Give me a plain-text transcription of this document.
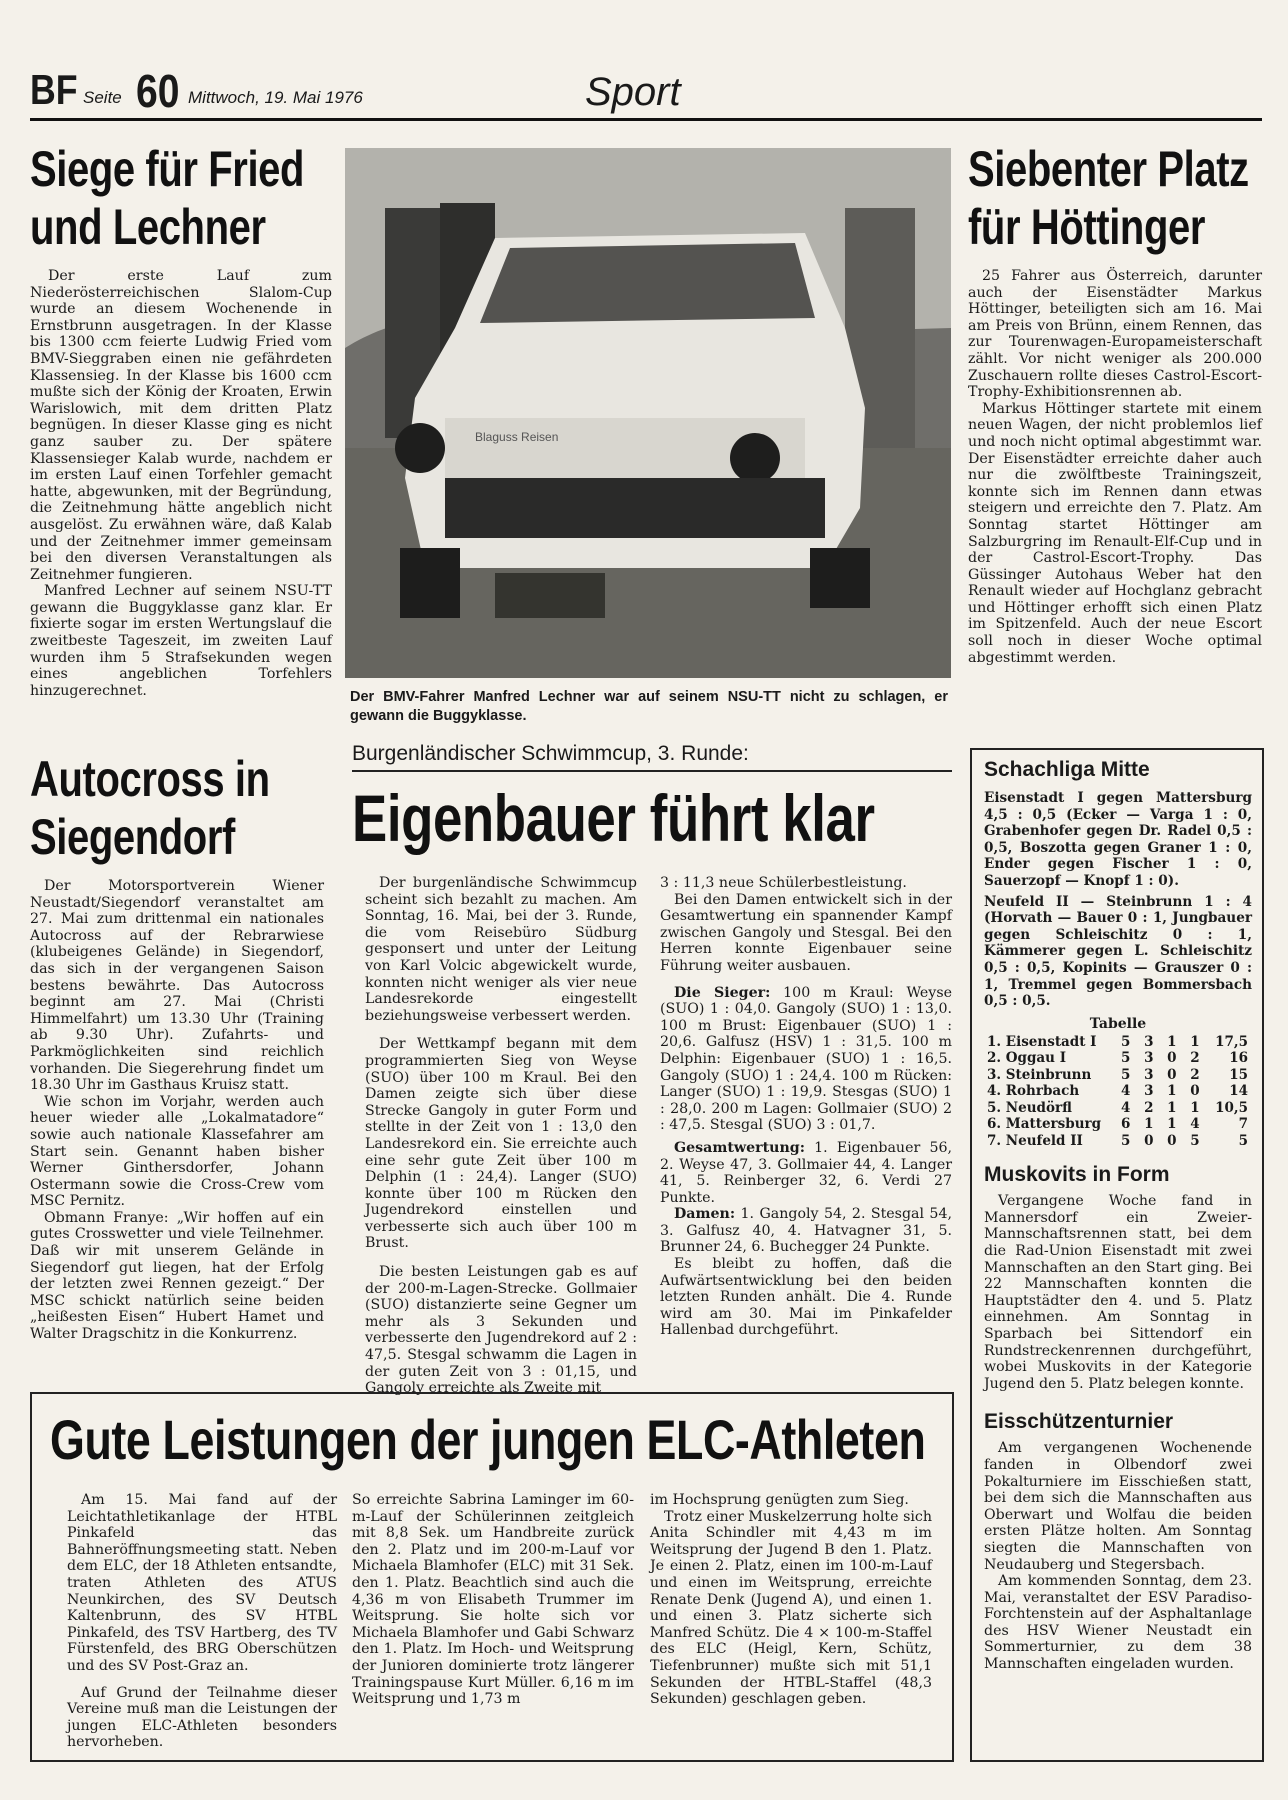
BF Seite 60 Mittwoch, 19. Mai 1976	Sport
Siege für Fried und Lechner

Der erste Lauf zum Niederösterreichischen Slalom-Cup wurde an diesem Wochenende in Ernstbrunn ausgetragen. In der Klasse bis 1300 ccm feierte Ludwig Fried vom BMV-Sieggraben einen nie gefährdeten Klassensieg. In der Klasse bis 1600 ccm mußte sich der König der Kroaten, Erwin Warislowich, mit dem dritten Platz begnügen. In dieser Klasse ging es nicht ganz sauber zu. Der spätere Klassensieger Kalab wurde, nachdem er im ersten Lauf einen Torfehler gemacht hatte, abgewunken, mit der Begründung, die Zeitnehmung hätte angeblich nicht ausgelöst. Zu erwähnen wäre, daß Kalab und der Zeitnehmer immer gemeinsam bei den diversen Veranstaltungen als Zeitnehmer fungieren.

Manfred Lechner auf seinem NSU-TT gewann die Buggyklasse ganz klar. Er fixierte sogar im ersten Wertungslauf die zweitbeste Tageszeit, im zweiten Lauf wurden ihm 5 Strafsekunden wegen eines angeblichen Torfehlers hinzugerechnet.

Blaguss Reisen
Der BMV-Fahrer Manfred Lechner war auf seinem NSU-TT nicht zu schlagen, er gewann die Buggyklasse.
Siebenter Platz für Höttinger

25 Fahrer aus Österreich, darunter auch der Eisenstädter Markus Höttinger, beteiligten sich am 16. Mai am Preis von Brünn, einem Rennen, das zur Tourenwagen-Europameisterschaft zählt. Vor nicht weniger als 200.000 Zuschauern rollte dieses Castrol-Escort-Trophy-Exhibitionsrennen ab.

Markus Höttinger startete mit einem neuen Wagen, der nicht problemlos lief und noch nicht optimal abgestimmt war. Der Eisenstädter erreichte daher auch nur die zwölftbeste Trainingszeit, konnte sich im Rennen dann etwas steigern und erreichte den 7. Platz. Am Sonntag startet Höttinger am Salzburgring im Renault-Elf-Cup und in der Castrol-Escort-Trophy. Das Güssinger Autohaus Weber hat den Renault wieder auf Hochglanz gebracht und Höttinger erhofft sich einen Platz im Spitzenfeld. Auch der neue Escort soll noch in dieser Woche optimal abgestimmt werden.

Autocross in Siegendorf

Der Motorsportverein Wiener Neustadt/Siegendorf veranstaltet am 27. Mai zum drittenmal ein nationales Autocross auf der Rebrarwiese (klubeigenes Gelände) in Siegendorf, das sich in der vergangenen Saison bestens bewährte. Das Autocross beginnt am 27. Mai (Christi Himmelfahrt) um 13.30 Uhr (Training ab 9.30 Uhr). Zufahrts- und Parkmöglichkeiten sind reichlich vorhanden. Die Siegerehrung findet um 18.30 Uhr im Gasthaus Kruisz statt.

Wie schon im Vorjahr, werden auch heuer wieder alle „Lokalmatadore“ sowie auch nationale Klassefahrer am Start sein. Genannt haben bisher Werner Ginthersdorfer, Johann Ostermann sowie die Cross-Crew vom MSC Pernitz.

Obmann Franye: „Wir hoffen auf ein gutes Crosswetter und viele Teilnehmer. Daß wir mit unserem Gelände in Siegendorf gut liegen, hat der Erfolg der letzten zwei Rennen gezeigt.“ Der MSC schickt natürlich seine beiden „heißesten Eisen“ Hubert Hamet und Walter Dragschitz in die Konkurrenz.

Burgenländischer Schwimmcup, 3. Runde:
Eigenbauer führt klar

Der burgenländische Schwimmcup scheint sich bezahlt zu machen. Am Sonntag, 16. Mai, bei der 3. Runde, die vom Reisebüro Südburg gesponsert und unter der Leitung von Karl Volcic abgewickelt wurde, konnten nicht weniger als vier neue Landesrekorde eingestellt beziehungsweise verbessert werden.

Der Wettkampf begann mit dem programmierten Sieg von Weyse (SUO) über 100 m Kraul. Bei den Damen zeigte sich über diese Strecke Gangoly in guter Form und stellte in der Zeit von 1 : 13,0 den Landesrekord ein. Sie erreichte auch eine sehr gute Zeit über 100 m Delphin (1 : 24,4). Langer (SUO) konnte über 100 m Rücken den Jugendrekord einstellen und verbesserte sich auch über 100 m Brust.

Die besten Leistungen gab es auf der 200-m-Lagen-Strecke. Gollmaier (SUO) distanzierte seine Gegner um mehr als 3 Sekunden und verbesserte den Jugendrekord auf 2 : 47,5. Stesgal schwamm die Lagen in der guten Zeit von 3 : 01,15, und Gangoly erreichte als Zweite mit

3 : 11,3 neue Schülerbestleistung.

Bei den Damen entwickelt sich in der Gesamtwertung ein spannender Kampf zwischen Gangoly und Stesgal. Bei den Herren konnte Eigenbauer seine Führung weiter ausbauen.

Die Sieger: 100 m Kraul: Weyse (SUO) 1 : 04,0. Gangoly (SUO) 1 : 13,0. 100 m Brust: Eigenbauer (SUO) 1 : 20,6. Galfusz (HSV) 1 : 31,5. 100 m Delphin: Eigenbauer (SUO) 1 : 16,5. Gangoly (SUO) 1 : 24,4. 100 m Rücken: Langer (SUO) 1 : 19,9. Stesgas (SUO) 1 : 28,0. 200 m Lagen: Gollmaier (SUO) 2 : 47,5. Stesgal (SUO) 3 : 01,7.

Gesamtwertung: 1. Eigenbauer 56, 2. Weyse 47, 3. Gollmaier 44, 4. Langer 41, 5. Reinberger 32, 6. Verdi 27 Punkte.

Damen: 1. Gangoly 54, 2. Stesgal 54, 3. Galfusz 40, 4. Hatvagner 31, 5. Brunner 24, 6. Buchegger 24 Punkte.

Es bleibt zu hoffen, daß die Aufwärtsentwicklung bei den beiden letzten Runden anhält. Die 4. Runde wird am 30. Mai im Pinkafelder Hallenbad durchgeführt.

Schachliga Mitte

Eisenstadt I gegen Mattersburg 4,5 : 0,5 (Ecker — Varga 1 : 0, Grabenhofer gegen Dr. Radel 0,5 : 0,5, Boszotta gegen Graner 1 : 0, Ender gegen Fischer 1 : 0, Sauerzopf — Knopf 1 : 0).

Neufeld II — Steinbrunn 1 : 4 (Horvath — Bauer 0 : 1, Jungbauer gegen Schleischitz 0 : 1, Kämmerer gegen L. Schleischitz 0,5 : 0,5, Kopinits — Grauszer 0 : 1, Tremmel gegen Bommersbach 0,5 : 0,5.

Tabelle
1. Eisenstadt I	5	3	1	1	17,5
2. Oggau I	5	3	0	2	16
3. Steinbrunn	5	3	0	2	15
4. Rohrbach	4	3	1	0	14
5. Neudörfl	4	2	1	1	10,5
6. Mattersburg	6	1	1	4	7
7. Neufeld II	5	0	0	5	5
Muskovits in Form

Vergangene Woche fand in Mannersdorf ein Zweier-Mannschaftsrennen statt, bei dem die Rad-Union Eisenstadt mit zwei Mannschaften an den Start ging. Bei 22 Mannschaften konnten die Hauptstädter den 4. und 5. Platz einnehmen. Am Sonntag in Sparbach bei Sittendorf ein Rundstreckenrennen durchgeführt, wobei Muskovits in der Kategorie Jugend den 5. Platz belegen konnte.

Eisschützenturnier

Am vergangenen Wochenende fanden in Olbendorf zwei Pokalturniere im Eisschießen statt, bei dem sich die Mannschaften aus Oberwart und Wolfau die beiden ersten Plätze holten. Am Sonntag siegten die Mannschaften von Neudauberg und Stegersbach.

Am kommenden Sonntag, dem 23. Mai, veranstaltet der ESV Paradiso-Forchtenstein auf der Asphaltanlage des HSV Wiener Neustadt ein Sommerturnier, zu dem 38 Mannschaften eingeladen wurden.

Gute Leistungen der jungen ELC-Athleten

Am 15. Mai fand auf der Leichtathletikanlage der HTBL Pinkafeld das Bahneröffnungsmeeting statt. Neben dem ELC, der 18 Athleten entsandte, traten Athleten des ATUS Neunkirchen, des SV Deutsch Kaltenbrunn, des SV HTBL Pinkafeld, des TSV Hartberg, des TV Fürstenfeld, des BRG Oberschützen und des SV Post-Graz an.

Auf Grund der Teilnahme dieser Vereine muß man die Leistungen der jungen ELC-Athleten besonders hervorheben.

So erreichte Sabrina Laminger im 60-m-Lauf der Schülerinnen zeitgleich mit 8,8 Sek. um Handbreite zurück den 2. Platz und im 200-m-Lauf vor Michaela Blamhofer (ELC) mit 31 Sek. den 1. Platz. Beachtlich sind auch die 4,36 m von Elisabeth Trummer im Weitsprung. Sie holte sich vor Michaela Blamhofer und Gabi Schwarz den 1. Platz. Im Hoch- und Weitsprung der Junioren dominierte trotz längerer Trainingspause Kurt Müller. 6,16 m im Weitsprung und 1,73 m

im Hochsprung genügten zum Sieg.

Trotz einer Muskelzerrung holte sich Anita Schindler mit 4,43 m im Weitsprung der Jugend B den 1. Platz. Je einen 2. Platz, einen im 100-m-Lauf und einen im Weitsprung, erreichte Renate Denk (Jugend A), und einen 1. und einen 3. Platz sicherte sich Manfred Schütz. Die 4 × 100-m-Staffel des ELC (Heigl, Kern, Schütz, Tiefenbrunner) mußte sich mit 51,1 Sekunden der HTBL-Staffel (48,3 Sekunden) geschlagen geben.
